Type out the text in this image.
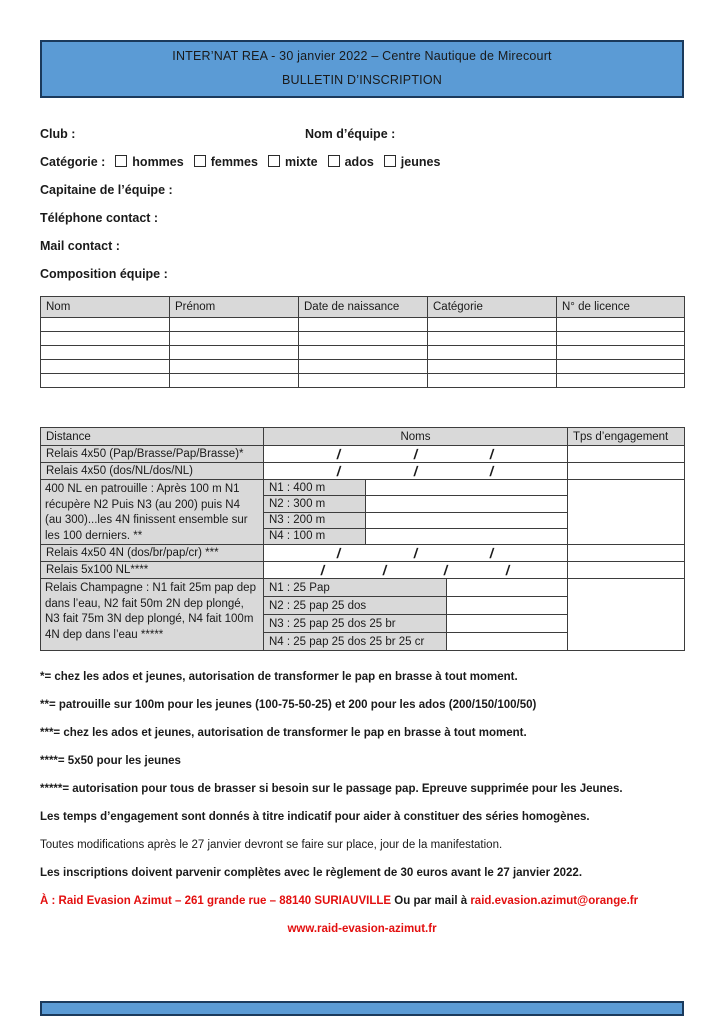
INTER’NAT REA - 30 janvier 2022 – Centre Nautique de Mirecourt
BULLETIN D’INSCRIPTION
Club :	Nom d’équipe :
Catégorie : hommes femmes mixte ados jeunes
Capitaine de l’équipe :
Téléphone contact :
Mail contact :
Composition équipe :
Nom	Prénom	Date de naissance	Catégorie	N° de licence

Distance	Noms			Tps d’engagement
Relais 4x50 (Pap/Brasse/Pap/Brasse)*	/ / /			

Relais 4x50 (dos/NL/dos/NL)	/ / /			

400 NL en patrouille : Après 100 m N1 récupère N2 Puis N3 (au 200) puis N4 (au 300)...les 4N finissent ensemble sur les 100 derniers. **	N1 : 400 m			
	N2 : 300 m			
	N3 : 200 m			
	N4 : 100 m			
Relais 4x50 4N (dos/br/pap/cr) ***	/ / /			

Relais 5x100 NL****	/ / / /			

Relais Champagne : N1 fait 25m pap dep dans l’eau, N2 fait 50m 2N dep plongé, N3 fait 75m 3N dep plongé, N4 fait 100m 4N dep dans l’eau *****	N1 : 25 Pap			
	N2 : 25 pap 25 dos			
	N3 : 25 pap 25 dos 25 br			
	N4 : 25 pap 25 dos 25 br 25 cr			
*= chez les ados et jeunes, autorisation de transformer le pap en brasse à tout moment.
**= patrouille sur 100m pour les jeunes (100-75-50-25) et 200 pour les ados (200/150/100/50)
***= chez les ados et jeunes, autorisation de transformer le pap en brasse à tout moment.
****= 5x50 pour les jeunes
*****= autorisation pour tous de brasser si besoin sur le passage pap. Epreuve supprimée pour les Jeunes.
Les temps d’engagement sont donnés à titre indicatif pour aider à constituer des séries homogènes.
Toutes modifications après le 27 janvier devront se faire sur place, jour de la manifestation.
Les inscriptions doivent parvenir complètes avec le règlement de 30 euros avant le 27 janvier 2022.
À : Raid Evasion Azimut – 261 grande rue – 88140 SURIAUVILLE Ou par mail à raid.evasion.azimut@orange.fr
www.raid-evasion-azimut.fr
